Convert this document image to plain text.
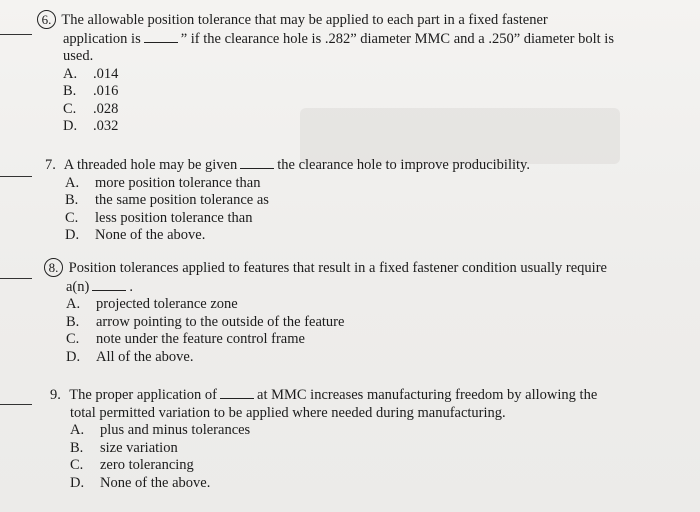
6. The allowable position tolerance that may be applied to each part in a fixed fastener
application is	” if the clearance hole is .282” diameter MMC and a .250” diameter bolt is
used.
A. .014
B. .016
C. .028
D. .032
7. A threaded hole may be given	the clearance hole to improve producibility.
A. more position tolerance than
B. the same position tolerance as
C. less position tolerance than
D. None of the above.
8. Position tolerances applied to features that result in a fixed fastener condition usually require
a(n)	.
A. projected tolerance zone
B. arrow pointing to the outside of the feature
C. note under the feature control frame
D. All of the above.
9. The proper application of	at MMC increases manufacturing freedom by allowing the
total permitted variation to be applied where needed during manufacturing.
A. plus and minus tolerances
B. size variation
C. zero tolerancing
D. None of the above.
